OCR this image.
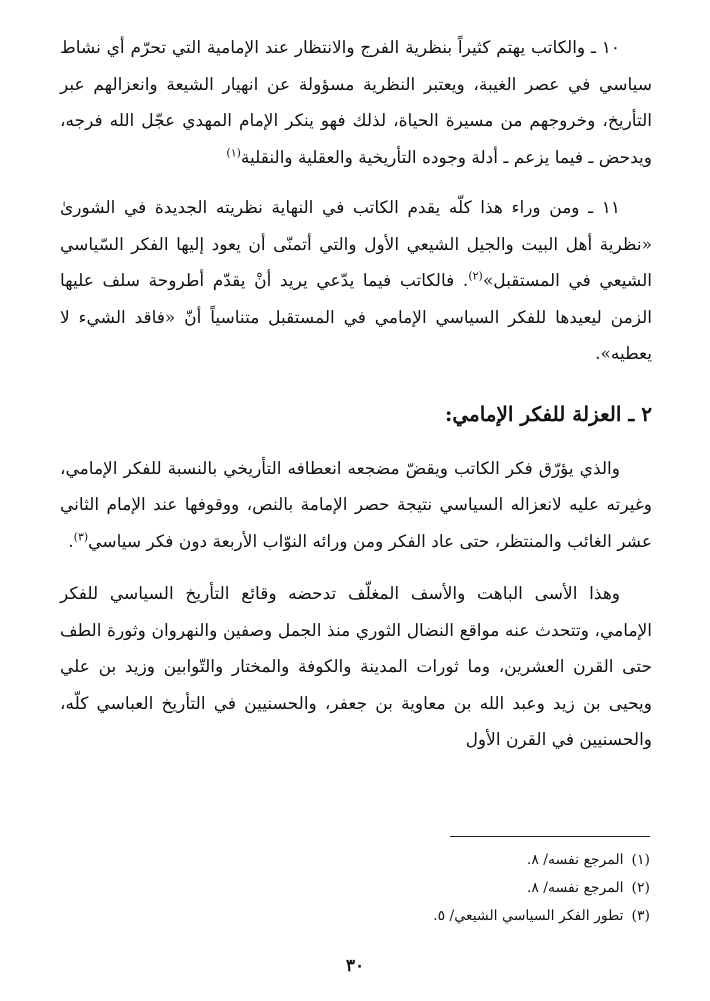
١٠ ـ والكاتب يهتم كثيراً بنظرية الفرج والانتظار عند الإمامية التي تحرّم أي نشاط سياسي في عصر الغيبة، ويعتبر النظرية مسؤولة عن انهيار الشيعة وانعزالهم عبر التأريخ، وخروجهم من مسيرة الحياة، لذلك فهو ينكر الإمام المهدي عجّل الله فرجه، ويدحض ـ فيما يزعم ـ أدلة وجوده التأريخية والعقلية والنقلية$^{(١)}$

١١ ـ ومن وراء هذا كلّه يقدم الكاتب في النهاية نظريته الجديدة في الشورىٰ «نظرية أهل البيت والجيل الشيعي الأول والتي أتمنّى أن يعود إليها الفكر السّياسي الشيعي في المستقبل»$^{(٢)}$. فالكاتب فيما يدّعي يريد أنْ يقدّم أطروحة سلف عليها الزمن ليعيدها للفكر السياسي الإمامي في المستقبل متناسياً أنّ «فاقد الشيء لا يعطيه».

٢ ـ العزلة للفكر الإمامي:

والذي يؤرّق فكر الكاتب ويقضّ مضجعه انعطافه التأريخي بالنسبة للفكر الإمامي، وغيرته عليه لانعزاله السياسي نتيجة حصر الإمامة بالنص، ووقوفها عند الإمام الثاني عشر الغائب والمنتظر، حتى عاد الفكر ومن ورائه النوّاب الأربعة دون فكر سياسي$^{(٣)}$.

وهذا الأسى الباهت والأسف المغلّف تدحضه وقائع التأريخ السياسي للفكر الإمامي، وتتحدث عنه مواقع النضال الثوري منذ الجمل وصفين والنهروان وثورة الطف حتى القرن العشرين، وما ثورات المدينة والكوفة والمختار والتّوابين وزيد بن علي ويحيى بن زيد وعبد الله بن معاوية بن جعفر، والحسنيين في التأريخ العباسي كلّه، والحسنيين في القرن الأول

(١)المرجع نفسه/ ٨.
(٢)المرجع نفسه/ ٨.
(٣)تطور الفكر السياسي الشيعي/ ٥.
٣٠
